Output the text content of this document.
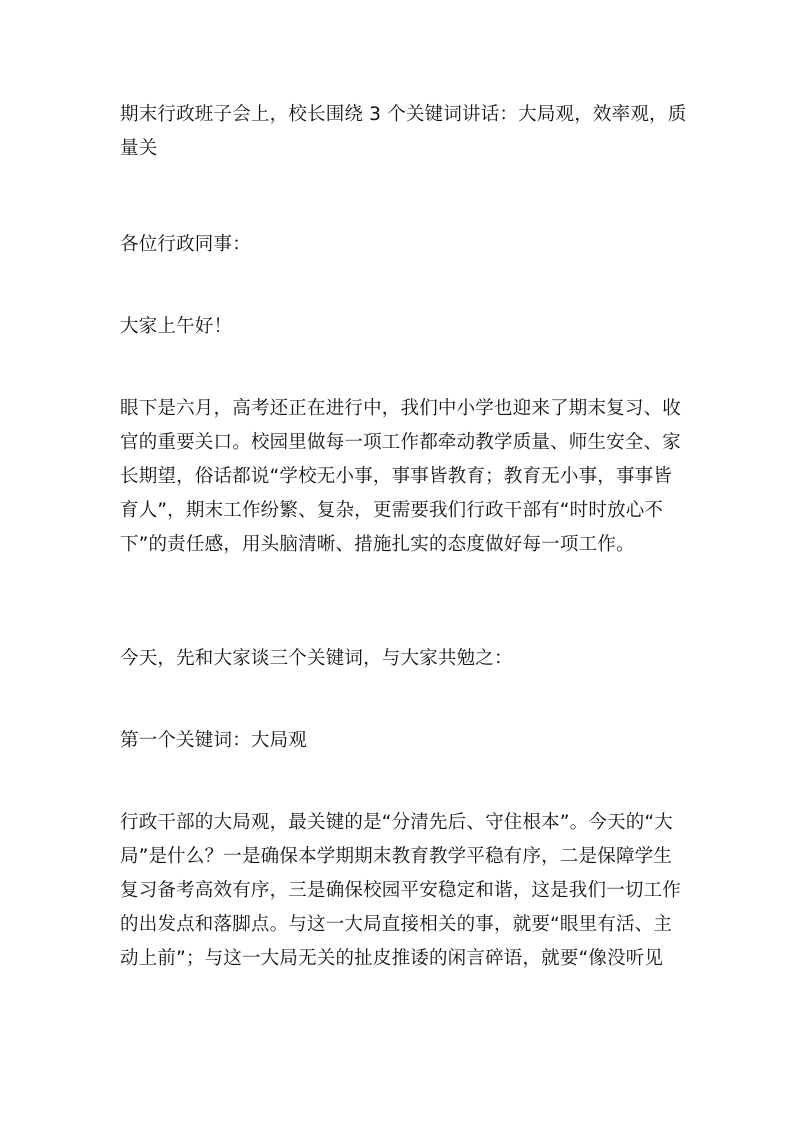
期末行政班子会上，校长围绕 3 个关键词讲话：大局观，效率观，质
量关

各位行政同事：

大家上午好！

眼下是六月，高考还正在进行中，我们中小学也迎来了期末复习、收
官的重要关口。校园里做每一项工作都牵动教学质量、师生安全、家
长期望，俗话都说“学校无小事，事事皆教育；教育无小事，事事皆
育人”，期末工作纷繁、复杂，更需要我们行政干部有“时时放心不
下”的责任感，用头脑清晰、措施扎实的态度做好每一项工作。

今天，先和大家谈三个关键词，与大家共勉之：

第一个关键词：大局观

行政干部的大局观，最关键的是“分清先后、守住根本”。今天的“大
局”是什么？一是确保本学期期末教育教学平稳有序，二是保障学生
复习备考高效有序，三是确保校园平安稳定和谐，这是我们一切工作
的出发点和落脚点。与这一大局直接相关的事，就要“眼里有活、主
动上前”；与这一大局无关的扯皮推诿的闲言碎语，就要“像没听见
